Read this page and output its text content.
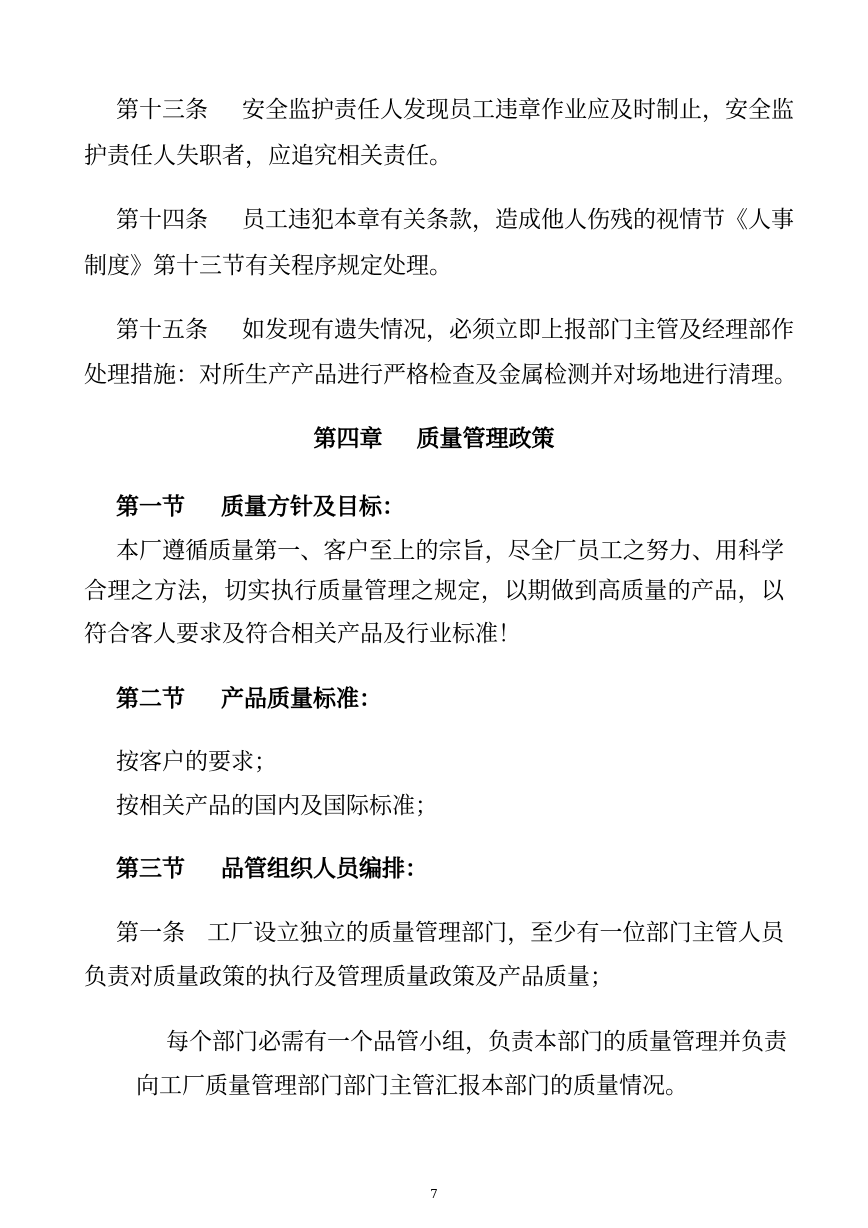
第十三条 安全监护责任人发现员工违章作业应及时制止，安全监
护责任人失职者，应追究相关责任。
第十四条 员工违犯本章有关条款，造成他人伤残的视情节《人事
制度》第十三节有关程序规定处理。
第十五条 如发现有遗失情况，必须立即上报部门主管及经理部作
处理措施：对所生产产品进行严格检查及金属检测并对场地进行清理。
第四章 质量管理政策
第一节 质量方针及目标：
本厂遵循质量第一、客户至上的宗旨，尽全厂员工之努力、用科学
合理之方法，切实执行质量管理之规定，以期做到高质量的产品，以
符合客人要求及符合相关产品及行业标准！
第二节 产品质量标准：
按客户的要求；
按相关产品的国内及国际标准；
第三节 品管组织人员编排：
第一条 工厂设立独立的质量管理部门，至少有一位部门主管人员
负责对质量政策的执行及管理质量政策及产品质量；
每个部门必需有一个品管小组，负责本部门的质量管理并负责
向工厂质量管理部门部门主管汇报本部门的质量情况。
7
